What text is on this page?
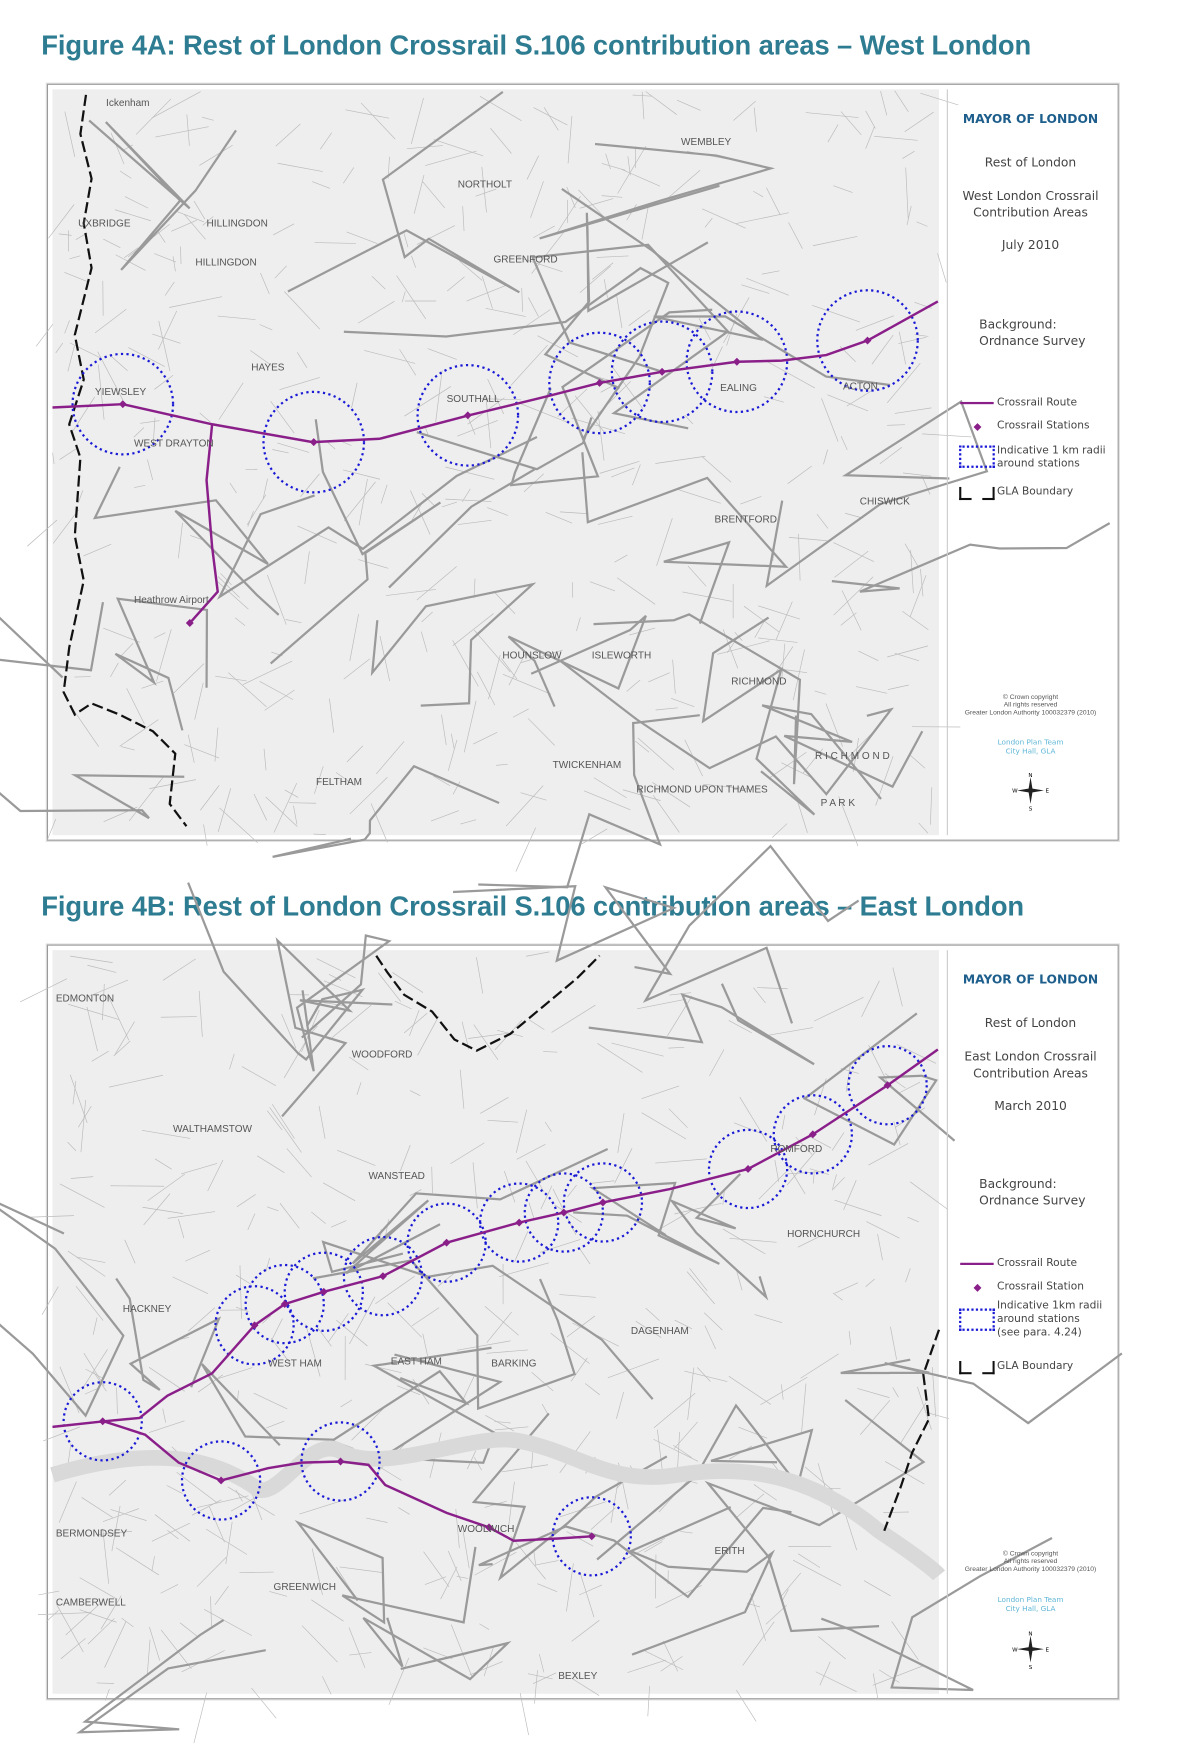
Figure 4A: Rest of London Crossrail S.106 contribution areas – West London
Ickenham
UXBRIDGE	HILLINGDON
HILLINGDON
HAYES
YIEWSLEY
WEST DRAYTON
NORTHOLT
GREENFORD
SOUTHALL
WEMBLEY
EALING	ACTON
CHISWICK
BRENTFORD
Heathrow Airport
HOUNSLOW	ISLEWORTH
RICHMOND
TWICKENHAM
FELTHAM
R I C H M O N D
P A R K
RICHMOND UPON THAMES
MAYOR OF LONDON
Rest of London
West London Crossrail
Contribution Areas
July 2010
Background:
Ordnance Survey
Crossrail Route
Crossrail Stations
Indicative 1 km radii
around stations
GLA Boundary
© Crown copyright
All rights reserved
Greater London Authority 100032379 (2010)
London Plan Team
City Hall, GLA
N
S
E
W
Figure 4B: Rest of London Crossrail S.106 contribution areas – East London
EDMONTON
WOODFORD
WALTHAMSTOW
WANSTEAD
HACKNEY
WEST HAM	EAST HAM	BARKING
DAGENHAM
ROMFORD
HORNCHURCH
WOOLWICH
BERMONDSEY
GREENWICH
ERITH
BEXLEY
CAMBERWELL
MAYOR OF LONDON
Rest of London
East London Crossrail
Contribution Areas
March 2010
Background:
Ordnance Survey
Crossrail Route
Crossrail Station
Indicative 1km radii
around stations
(see para. 4.24)
GLA Boundary
© Crown copyright
All rights reserved
Greater London Authority 100032379 (2010)
London Plan Team
City Hall, GLA
N
S
E
W
